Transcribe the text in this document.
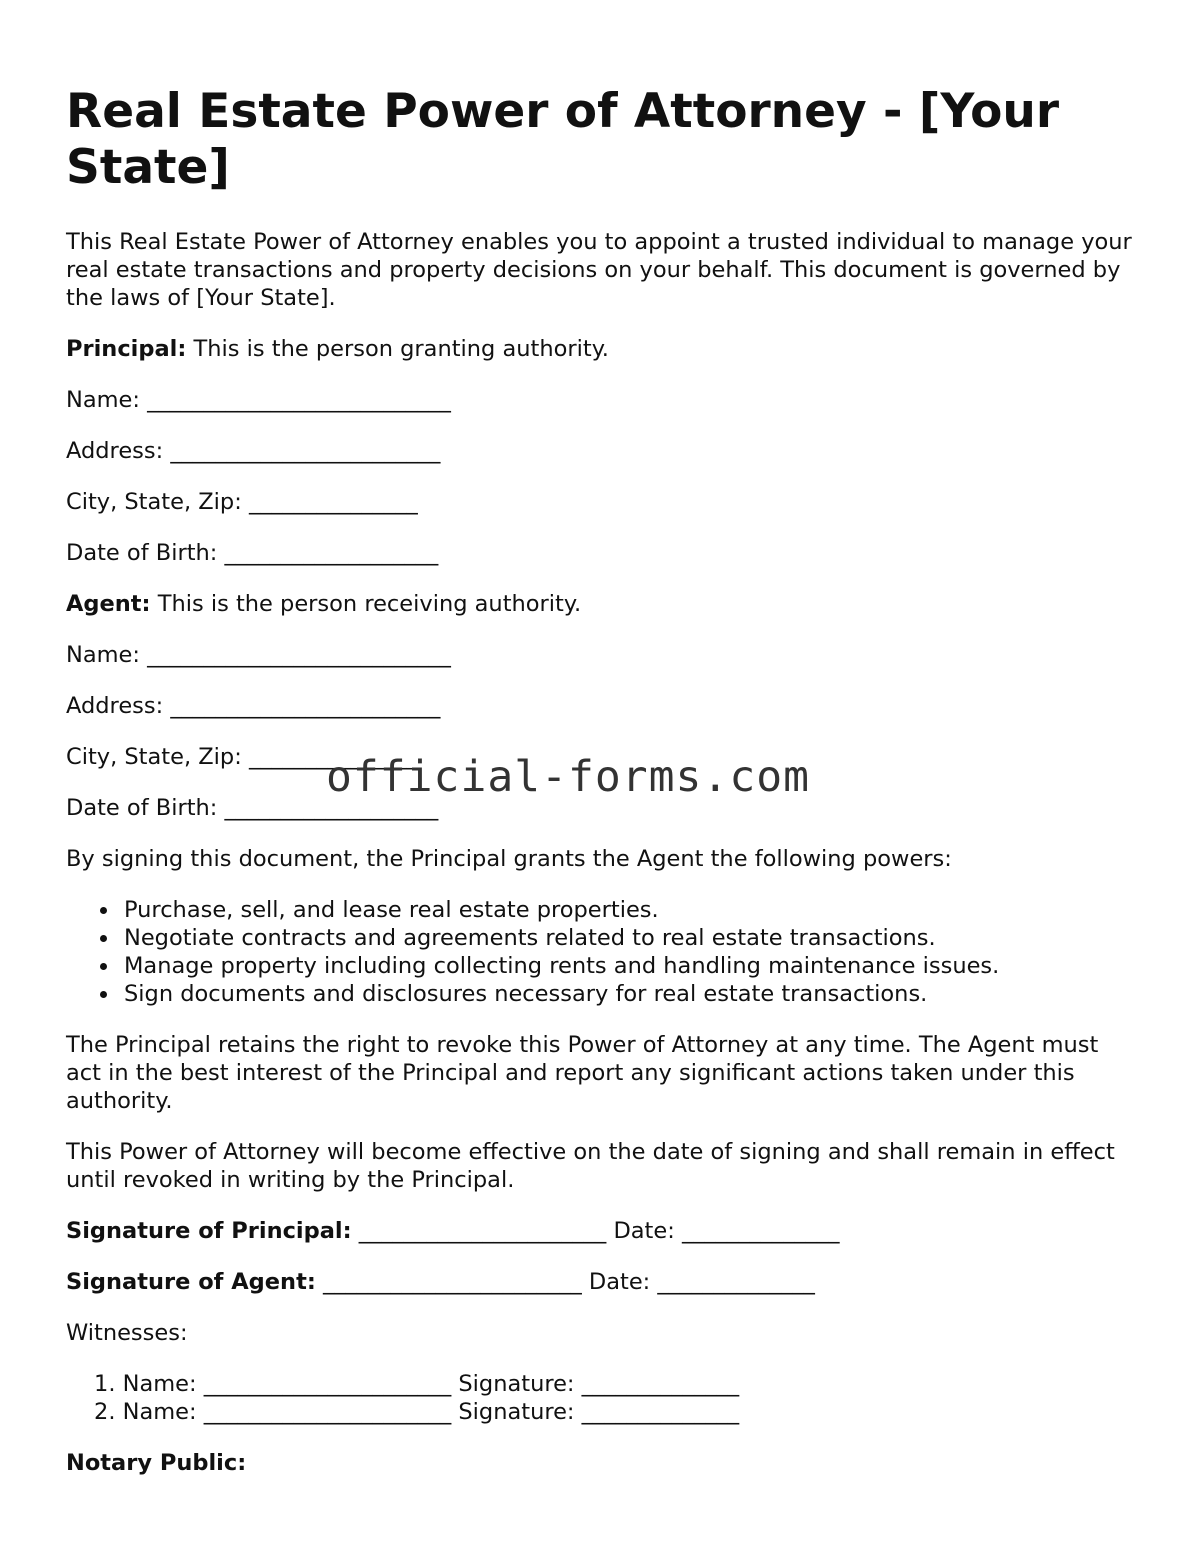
Real Estate Power of Attorney - [Your State]

This Real Estate Power of Attorney enables you to appoint a trusted individual to manage your real estate transactions and property decisions on your behalf. This document is governed by the laws of [Your State].

Principal: This is the person granting authority.

Name: ___________________________

Address: ________________________

City, State, Zip: _______________

Date of Birth: ___________________

Agent: This is the person receiving authority.

Name: ___________________________

Address: ________________________

City, State, Zip: _______________

Date of Birth: ___________________

By signing this document, the Principal grants the Agent the following powers:

Purchase, sell, and lease real estate properties.
Negotiate contracts and agreements related to real estate transactions.
Manage property including collecting rents and handling maintenance issues.
Sign documents and disclosures necessary for real estate transactions.

The Principal retains the right to revoke this Power of Attorney at any time. The Agent must act in the best interest of the Principal and report any significant actions taken under this authority.

This Power of Attorney will become effective on the date of signing and shall remain in effect until revoked in writing by the Principal.

Signature of Principal: ______________________ Date: ______________

Signature of Agent: _______________________ Date: ______________

Witnesses:

1. Name: ______________________ Signature: ______________
2. Name: ______________________ Signature: ______________

Notary Public:

official-forms.com
